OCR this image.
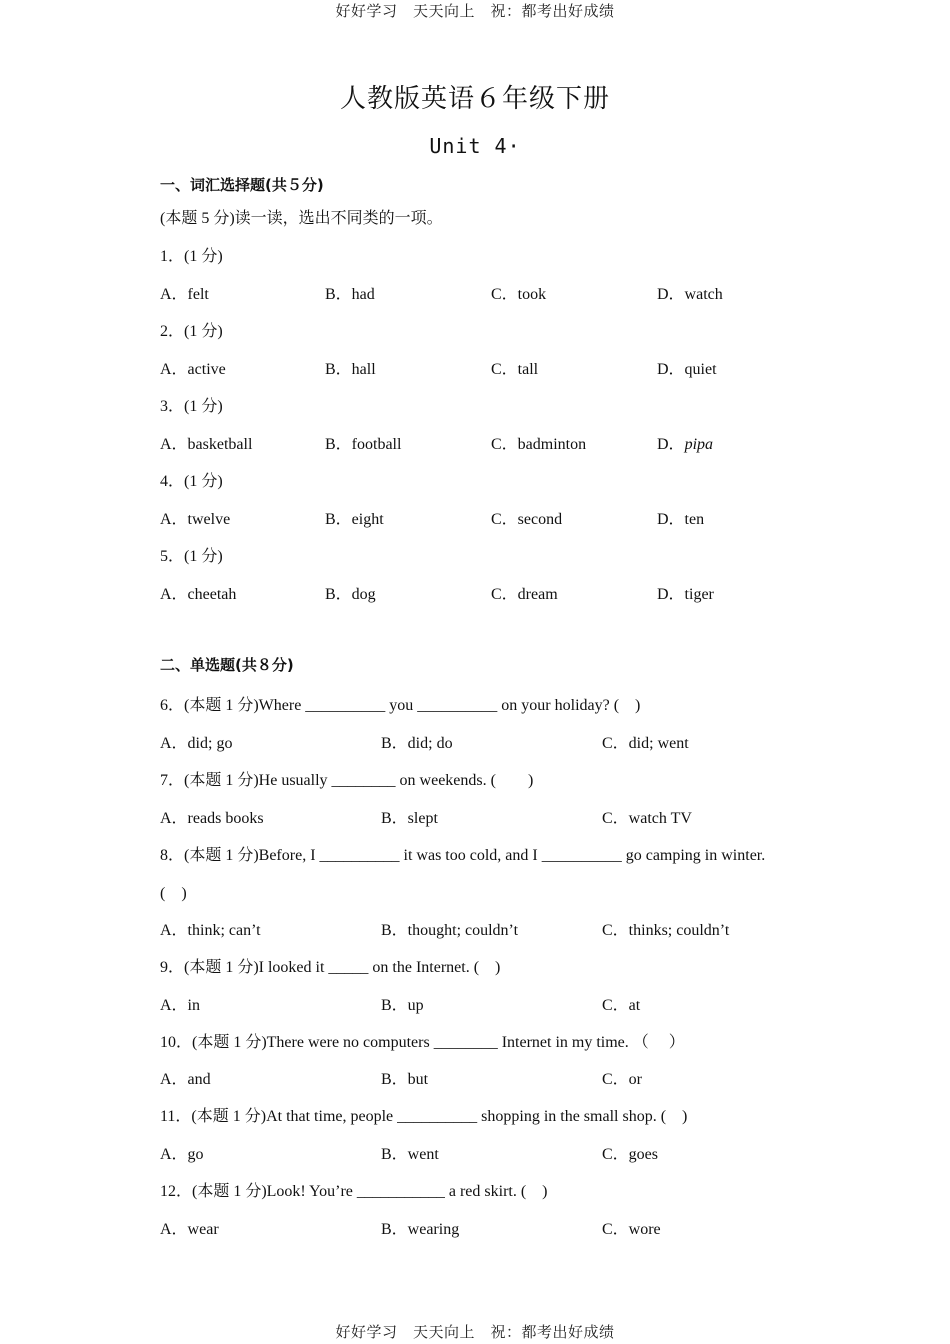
好好学习　天天向上　祝：都考出好成绩
人教版英语６年级下册
Unit 4·
一、词汇选择题(共５分)
(本题 5 分)读一读，选出不同类的一项。
1．(1 分)
A．felt	B．had	C．took	D．watch
2．(1 分)
A．active	B．hall	C．tall	D．quiet
3．(1 分)
A．basketball	B．football	C．badminton	D．pipa
4．(1 分)
A．twelve	B．eight	C．second	D．ten
5．(1 分)
A．cheetah	B．dog	C．dream	D．tiger
二、单选题(共８分)
6．(本题 1 分)Where __________ you __________ on your holiday? (　)
A．did; go	B．did; do	C．did; went
7．(本题 1 分)He usually ________ on weekends. (　　)
A．reads books	B．slept	C．watch TV
8．(本题 1 分)Before, I __________ it was too cold, and I __________ go camping in winter.
(　)
A．think; can’t	B．thought; couldn’t	C．thinks; couldn’t
9．(本题 1 分)I looked it _____ on the Internet. (　)
A．in	B．up	C．at
10．(本题 1 分)There were no computers ________ Internet in my time. （　 ）
A．and	B．but	C．or
11．(本题 1 分)At that time, people __________ shopping in the small shop. (　)
A．go	B．went	C．goes
12．(本题 1 分)Look! You’re ___________ a red skirt. (　)
A．wear	B．wearing	C．wore
好好学习　天天向上　祝：都考出好成绩
